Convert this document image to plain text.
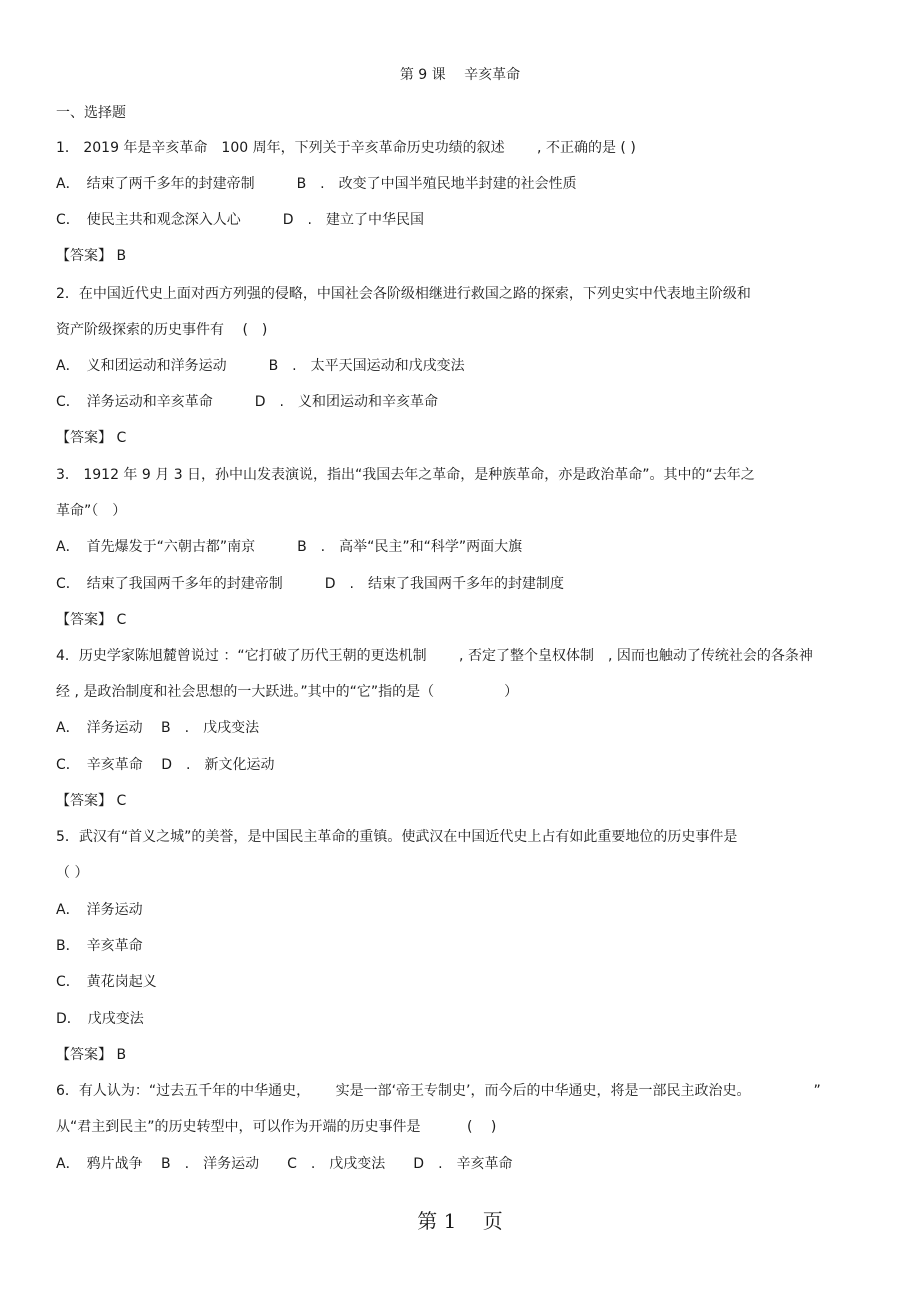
第 9 课　 辛亥革命
一、选择题
1． 2019 年是辛亥革命　100 周年，下列关于辛亥革命历史功绩的叙述　　 , 不正确的是 ( )
A．　结束了两千多年的封建帝制　　　B　.　改变了中国半殖民地半封建的社会性质
C．　使民主共和观念深入人心　　　D　.　建立了中华民国
【答案】 B
2．在中国近代史上面对西方列强的侵略，中国社会各阶级相继进行救国之路的探索，下列史实中代表地主阶级和
资产阶级探索的历史事件有　 (　)
A．　义和团运动和洋务运动　　　B　.　太平天国运动和戊戌变法
C．　洋务运动和辛亥革命　　　D　.　义和团运动和辛亥革命
【答案】 C
3． 1912 年 9 月 3 日，孙中山发表演说，指出“我国去年之革命，是种族革命，亦是政治革命”。其中的“去年之
革命”（　）
A．　首先爆发于“六朝古都”南京　　　B　.　高举“民主”和“科学”两面大旗
C．　结束了我国两千多年的封建帝制　　　D　.　结束了我国两千多年的封建制度
【答案】 C
4．历史学家陈旭麓曾说过 ：“它打破了历代王朝的更迭机制　　 , 否定了整个皇权体制　, 因而也触动了传统社会的各条神
经 , 是政治制度和社会思想的一大跃进。”其中的“它”指的是（　　　　　）
A．　洋务运动　 B　.　戊戌变法
C．　辛亥革命　 D　.　新文化运动
【答案】 C
5．武汉有“首义之城”的美誉，是中国民主革命的重镇。使武汉在中国近代史上占有如此重要地位的历史事件是
（ ）
A．　洋务运动
B．　辛亥革命
C．　黄花岗起义
D．　戊戌变法
【答案】 B
6．有人认为：“过去五千年的中华通史，　　 实是一部‘帝王专制史’，而今后的中华通史，将是一部民主政治史。　　　　　”
从“君主到民主”的历史转型中，可以作为开端的历史事件是　　　 (　 )
A．　鸦片战争　 B　.　洋务运动　　C　.　戊戌变法　　D　.　辛亥革命
第 1　 页
